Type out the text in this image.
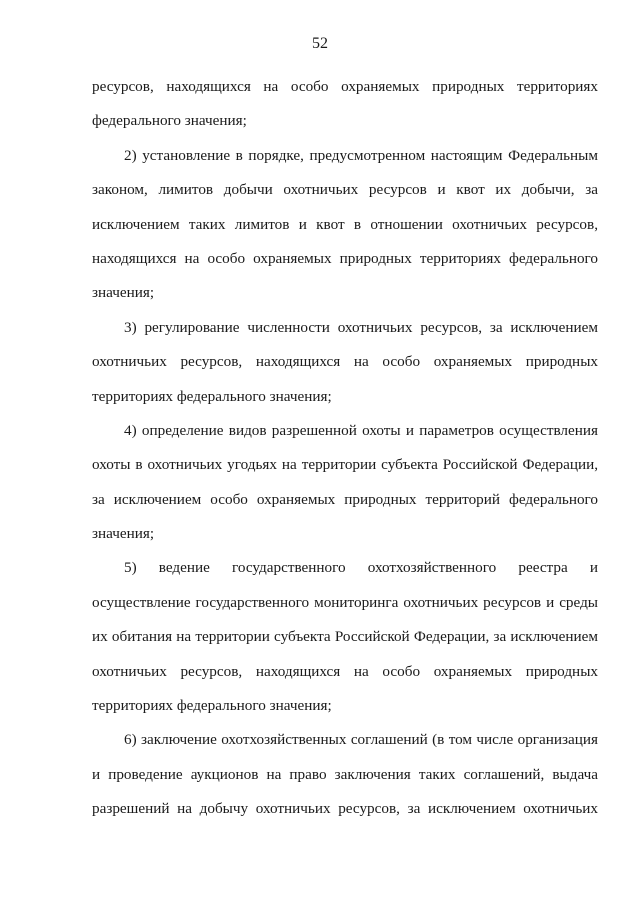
52
ресурсов, находящихся на особо охраняемых природных территориях
федерального значения;
2) установление в порядке, предусмотренном настоящим Федеральным
законом, лимитов добычи охотничьих ресурсов и квот их добычи, за
исключением таких лимитов и квот в отношении охотничьих ресурсов,
находящихся на особо охраняемых природных территориях федерального
значения;
3) регулирование численности охотничьих ресурсов, за исключением
охотничьих ресурсов, находящихся на особо охраняемых природных
территориях федерального значения;
4) определение видов разрешенной охоты и параметров осуществления
охоты в охотничьих угодьях на территории субъекта Российской Федерации,
за исключением особо охраняемых природных территорий федерального
значения;
5) ведение государственного охотхозяйственного реестра и
осуществление государственного мониторинга охотничьих ресурсов и среды
их обитания на территории субъекта Российской Федерации, за исключением
охотничьих ресурсов, находящихся на особо охраняемых природных
территориях федерального значения;
6) заключение охотхозяйственных соглашений (в том числе организация
и проведение аукционов на право заключения таких соглашений, выдача
разрешений на добычу охотничьих ресурсов, за исключением охотничьих
